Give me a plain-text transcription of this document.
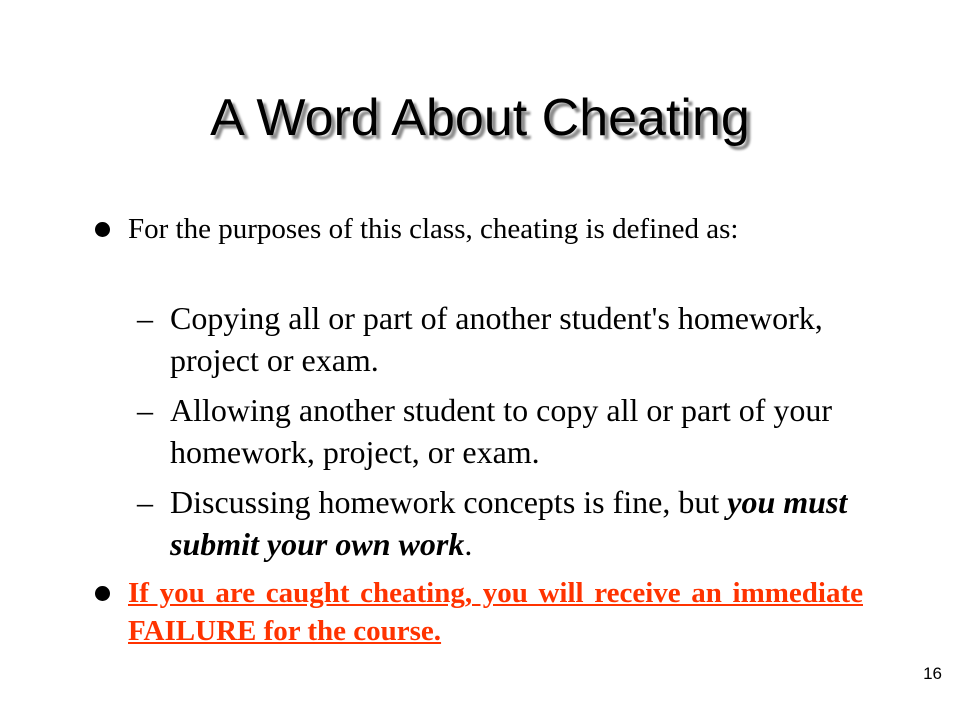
A Word About Cheating
For the purposes of this class, cheating is defined as:
– Copying all or part of another student's homework, project or exam.
– Allowing another student to copy all or part of your homework, project, or exam.
– Discussing homework concepts is fine, but you must submit your own work.
If you are caught cheating, you will receive an immediate FAILURE for the course.
16
